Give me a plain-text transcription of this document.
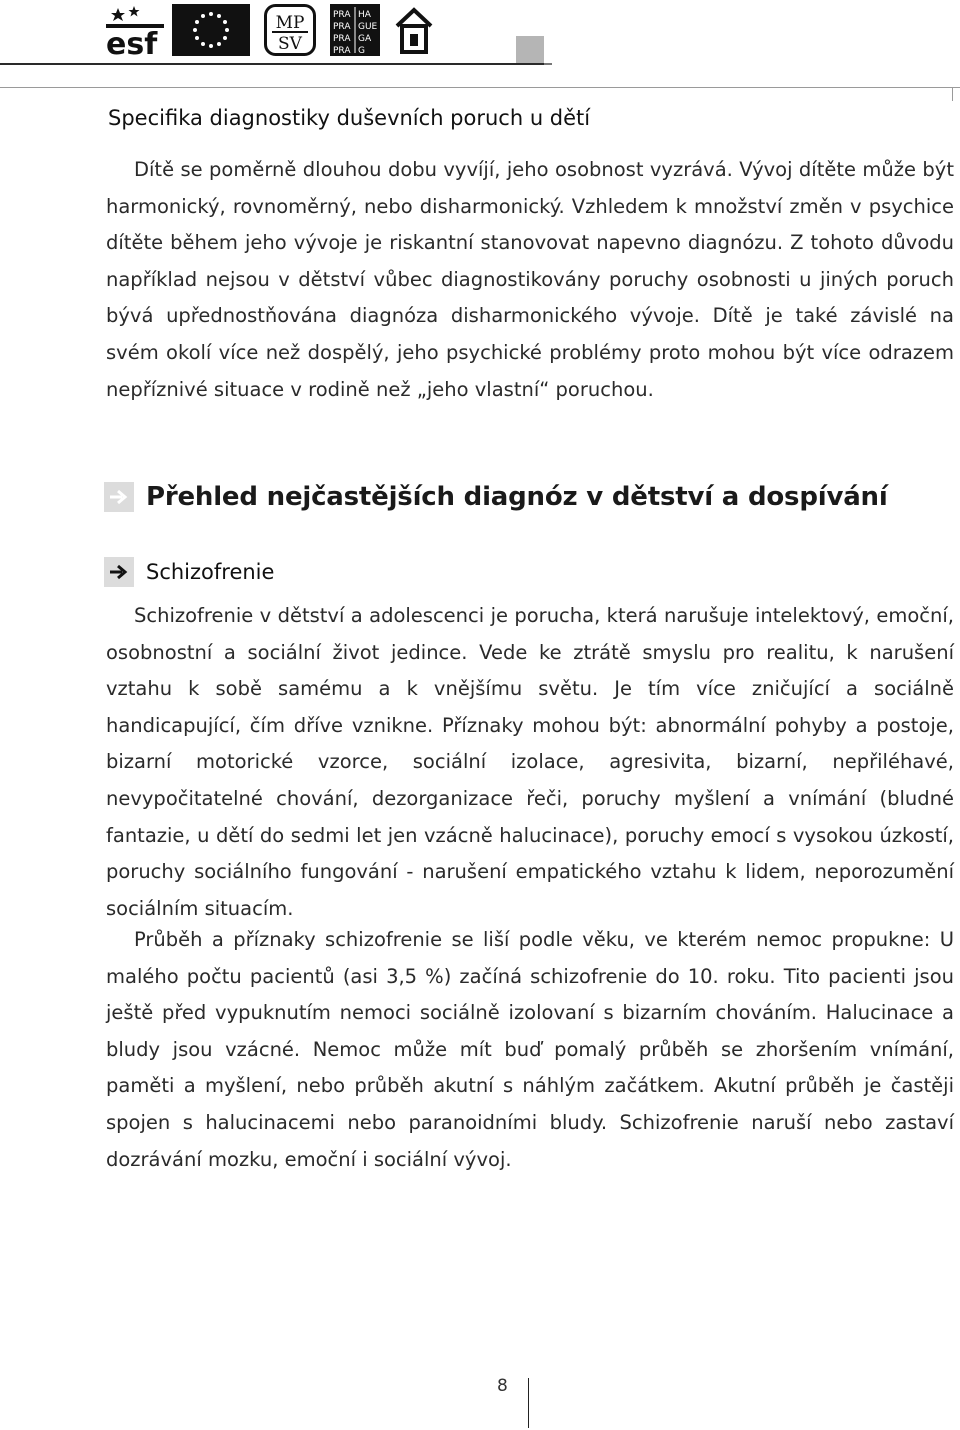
esf
MP
SV
PRA HA
PRA GUE
PRA GA
PRA G
Specifika diagnostiky duševních poruch u dětí

Dítě se poměrně dlouhou dobu vyvíjí, jeho osobnost vyzrává. Vývoj dítěte může být harmonický, rovnoměrný, nebo disharmonický. Vzhledem k množství změn v psychice dítěte během jeho vývoje je riskantní stanovovat napevno diagnózu. Z tohoto důvodu například nejsou v dětství vůbec diagnostikovány poruchy osobnosti u jiných poruch bývá upřednostňována diagnóza disharmonického vývoje. Dítě je také závislé na svém okolí více než dospělý, jeho psychické problémy proto mohou být více odrazem nepříznivé situace v rodině než „jeho vlastní“ poruchou.

Přehled nejčastějších diagnóz v dětství a dospívání
Schizofrenie

Schizofrenie v dětství a adolescenci je porucha, která narušuje intelektový, emoční, osobnostní a sociální život jedince. Vede ke ztrátě smyslu pro realitu, k narušení vztahu k sobě samému a k vnějšímu světu. Je tím více zničující a sociálně handicapující, čím dříve vznikne. Příznaky mohou být: abnormální pohyby a postoje, bizarní motorické vzorce, sociální izolace, agresivita, bizarní, nepřiléhavé, nevypočitatelné chování, dezorganizace řeči, poruchy myšlení a vnímání (bludné fantazie, u dětí do sedmi let jen vzácně halucinace), poruchy emocí s vysokou úzkostí, poruchy sociálního fungování - narušení empatického vztahu k lidem, neporozumění sociálním situacím.

Průběh a příznaky schizofrenie se liší podle věku, ve kterém nemoc propukne: U malého počtu pacientů (asi 3,5 %) začíná schizofrenie do 10. roku. Tito pacienti jsou ještě před vypuknutím nemoci sociálně izolovaní s bizarním chováním. Halucinace a bludy jsou vzácné. Nemoc může mít buď pomalý průběh se zhoršením vnímání, paměti a myšlení, nebo průběh akutní s náhlým začátkem. Akutní průběh je častěji spojen s halucinacemi nebo paranoidními bludy. Schizofrenie naruší nebo zastaví dozrávání mozku, emoční i sociální vývoj.

8
